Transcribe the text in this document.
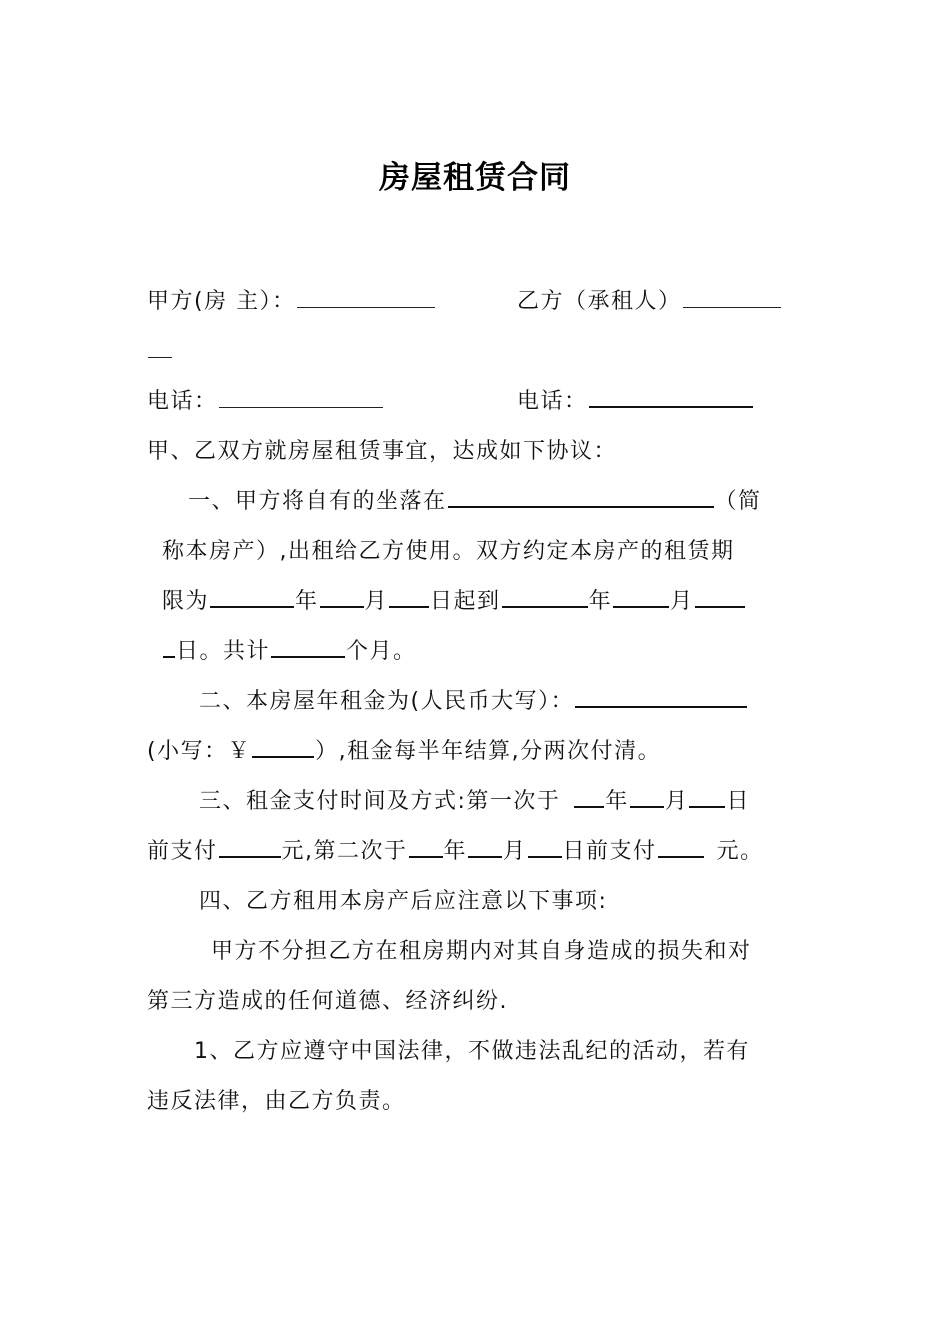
房屋租赁合同
甲方(房 主）：	乙方（承租人）
电话：	电话：
甲、乙双方就房屋租赁事宜，达成如下协议：
一、甲方将自有的坐落在	（简
称本房产）,出租给乙方使用。双方约定本房产的租赁期
限为	年 月 日起到	年	月
日。共计	个月。
二、本房屋年租金为(人民币大写）：
(小写：￥	）,租金每半年结算,分两次付清。
三、租金支付时间及方式:第一次于 年 月 日
前支付	元,第二次于 年 月 日前支付	元。
四、乙方租用本房产后应注意以下事项:
甲方不分担乙方在租房期内对其自身造成的损失和对
第三方造成的任何道德、经济纠纷.
1、乙方应遵守中国法律，不做违法乱纪的活动，若有
违反法律，由乙方负责。
